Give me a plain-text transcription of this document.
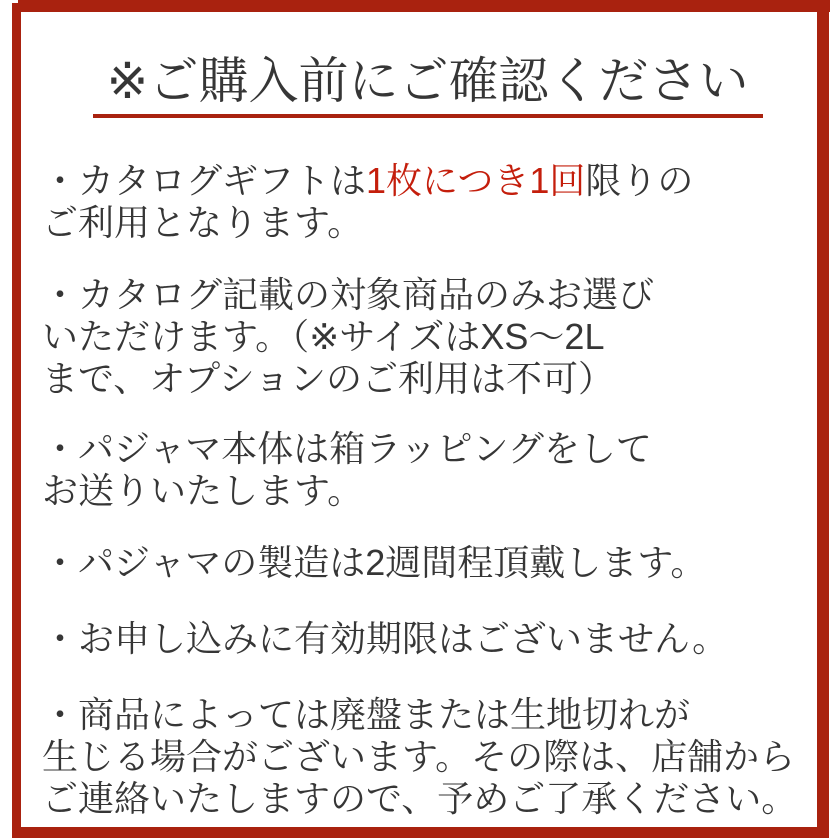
※ご購入前にご確認ください
・カタログギフトは1枚につき1回限りの
ご利用となります。
・カタログ記載の対象商品のみお選び
いただけます。（※サイズはXS～2L
まで、オプションのご利用は不可）
・パジャマ本体は箱ラッピングをして
お送りいたします。
・パジャマの製造は2週間程頂戴します。
・お申し込みに有効期限はございません。
・商品によっては廃盤または生地切れが
生じる場合がございます。その際は、店舗から
ご連絡いたしますので、予めご了承ください。
